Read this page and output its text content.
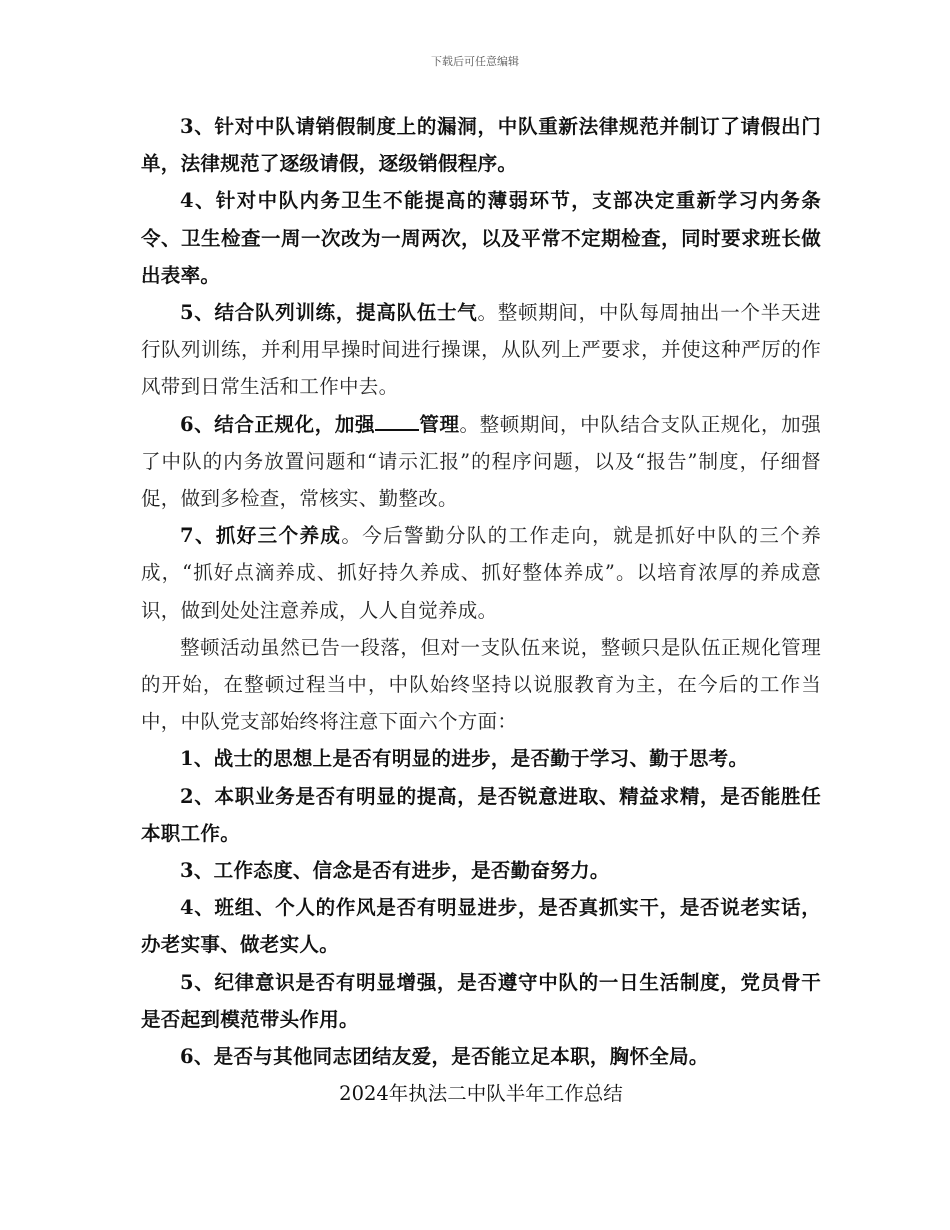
下载后可任意编辑

3、针对中队请销假制度上的漏洞，中队重新法律规范并制订了请假出门单，法律规范了逐级请假，逐级销假程序。

4、针对中队内务卫生不能提高的薄弱环节，支部决定重新学习内务条令、卫生检查一周一次改为一周两次，以及平常不定期检查，同时要求班长做出表率。

5、结合队列训练，提高队伍士气。整顿期间，中队每周抽出一个半天进行队列训练，并利用早操时间进行操课，从队列上严要求，并使这种严厉的作风带到日常生活和工作中去。

6、结合正规化，加强 管理。整顿期间，中队结合支队正规化，加强了中队的内务放置问题和“请示汇报”的程序问题，以及“报告”制度，仔细督促，做到多检查，常核实、勤整改。

7、抓好三个养成。今后警勤分队的工作走向，就是抓好中队的三个养成，“抓好点滴养成、抓好持久养成、抓好整体养成”。以培育浓厚的养成意识，做到处处注意养成，人人自觉养成。

整顿活动虽然已告一段落，但对一支队伍来说，整顿只是队伍正规化管理的开始，在整顿过程当中，中队始终坚持以说服教育为主，在今后的工作当中，中队党支部始终将注意下面六个方面：

1、战士的思想上是否有明显的进步，是否勤于学习、勤于思考。

2、本职业务是否有明显的提高，是否锐意进取、精益求精，是否能胜任本职工作。

3、工作态度、信念是否有进步，是否勤奋努力。

4、班组、个人的作风是否有明显进步，是否真抓实干，是否说老实话，办老实事、做老实人。

5、纪律意识是否有明显增强，是否遵守中队的一日生活制度，党员骨干是否起到模范带头作用。

6、是否与其他同志团结友爱，是否能立足本职，胸怀全局。

2024年执法二中队半年工作总结
